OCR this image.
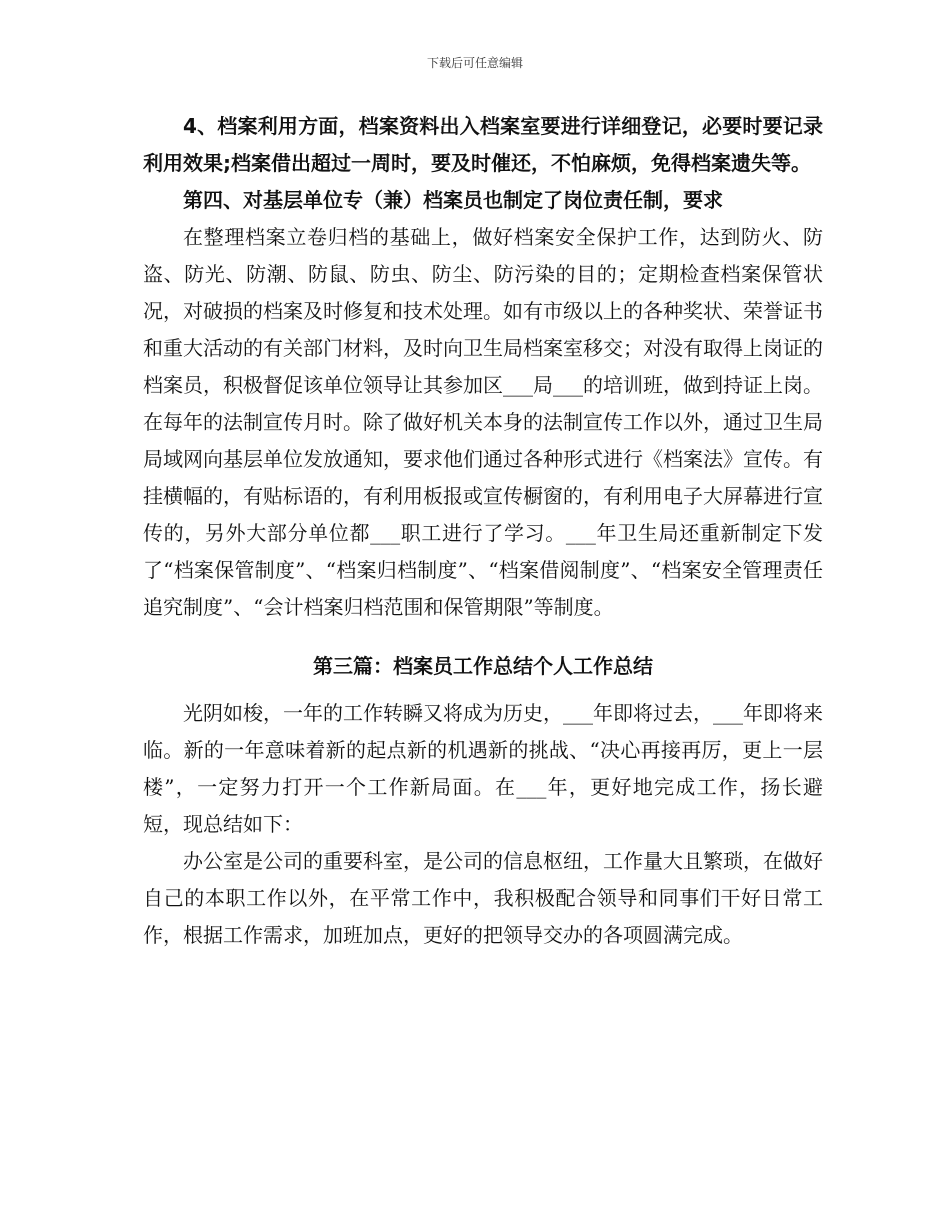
下载后可任意编辑

4、档案利用方面，档案资料出入档案室要进行详细登记，必要时要记录利用效果;档案借出超过一周时，要及时催还，不怕麻烦，免得档案遗失等。

第四、对基层单位专（兼）档案员也制定了岗位责任制，要求

在整理档案立卷归档的基础上，做好档案安全保护工作，达到防火、防盗、防光、防潮、防鼠、防虫、防尘、防污染的目的；定期检查档案保管状况，对破损的档案及时修复和技术处理。如有市级以上的各种奖状、荣誉证书和重大活动的有关部门材料，及时向卫生局档案室移交；对没有取得上岗证的档案员，积极督促该单位领导让其参加区___局___的培训班，做到持证上岗。在每年的法制宣传月时。除了做好机关本身的法制宣传工作以外，通过卫生局局域网向基层单位发放通知，要求他们通过各种形式进行《档案法》宣传。有挂横幅的，有贴标语的，有利用板报或宣传橱窗的，有利用电子大屏幕进行宣传的，另外大部分单位都___职工进行了学习。___年卫生局还重新制定下发了“档案保管制度”、“档案归档制度”、“档案借阅制度”、“档案安全管理责任追究制度”、“会计档案归档范围和保管期限”等制度。

第三篇：档案员工作总结个人工作总结

光阴如梭，一年的工作转瞬又将成为历史，___年即将过去，___年即将来临。新的一年意味着新的起点新的机遇新的挑战、“决心再接再厉，更上一层楼”，一定努力打开一个工作新局面。在___年，更好地完成工作，扬长避短，现总结如下：

办公室是公司的重要科室，是公司的信息枢纽，工作量大且繁琐，在做好自己的本职工作以外，在平常工作中，我积极配合领导和同事们干好日常工作，根据工作需求，加班加点，更好的把领导交办的各项圆满完成。
